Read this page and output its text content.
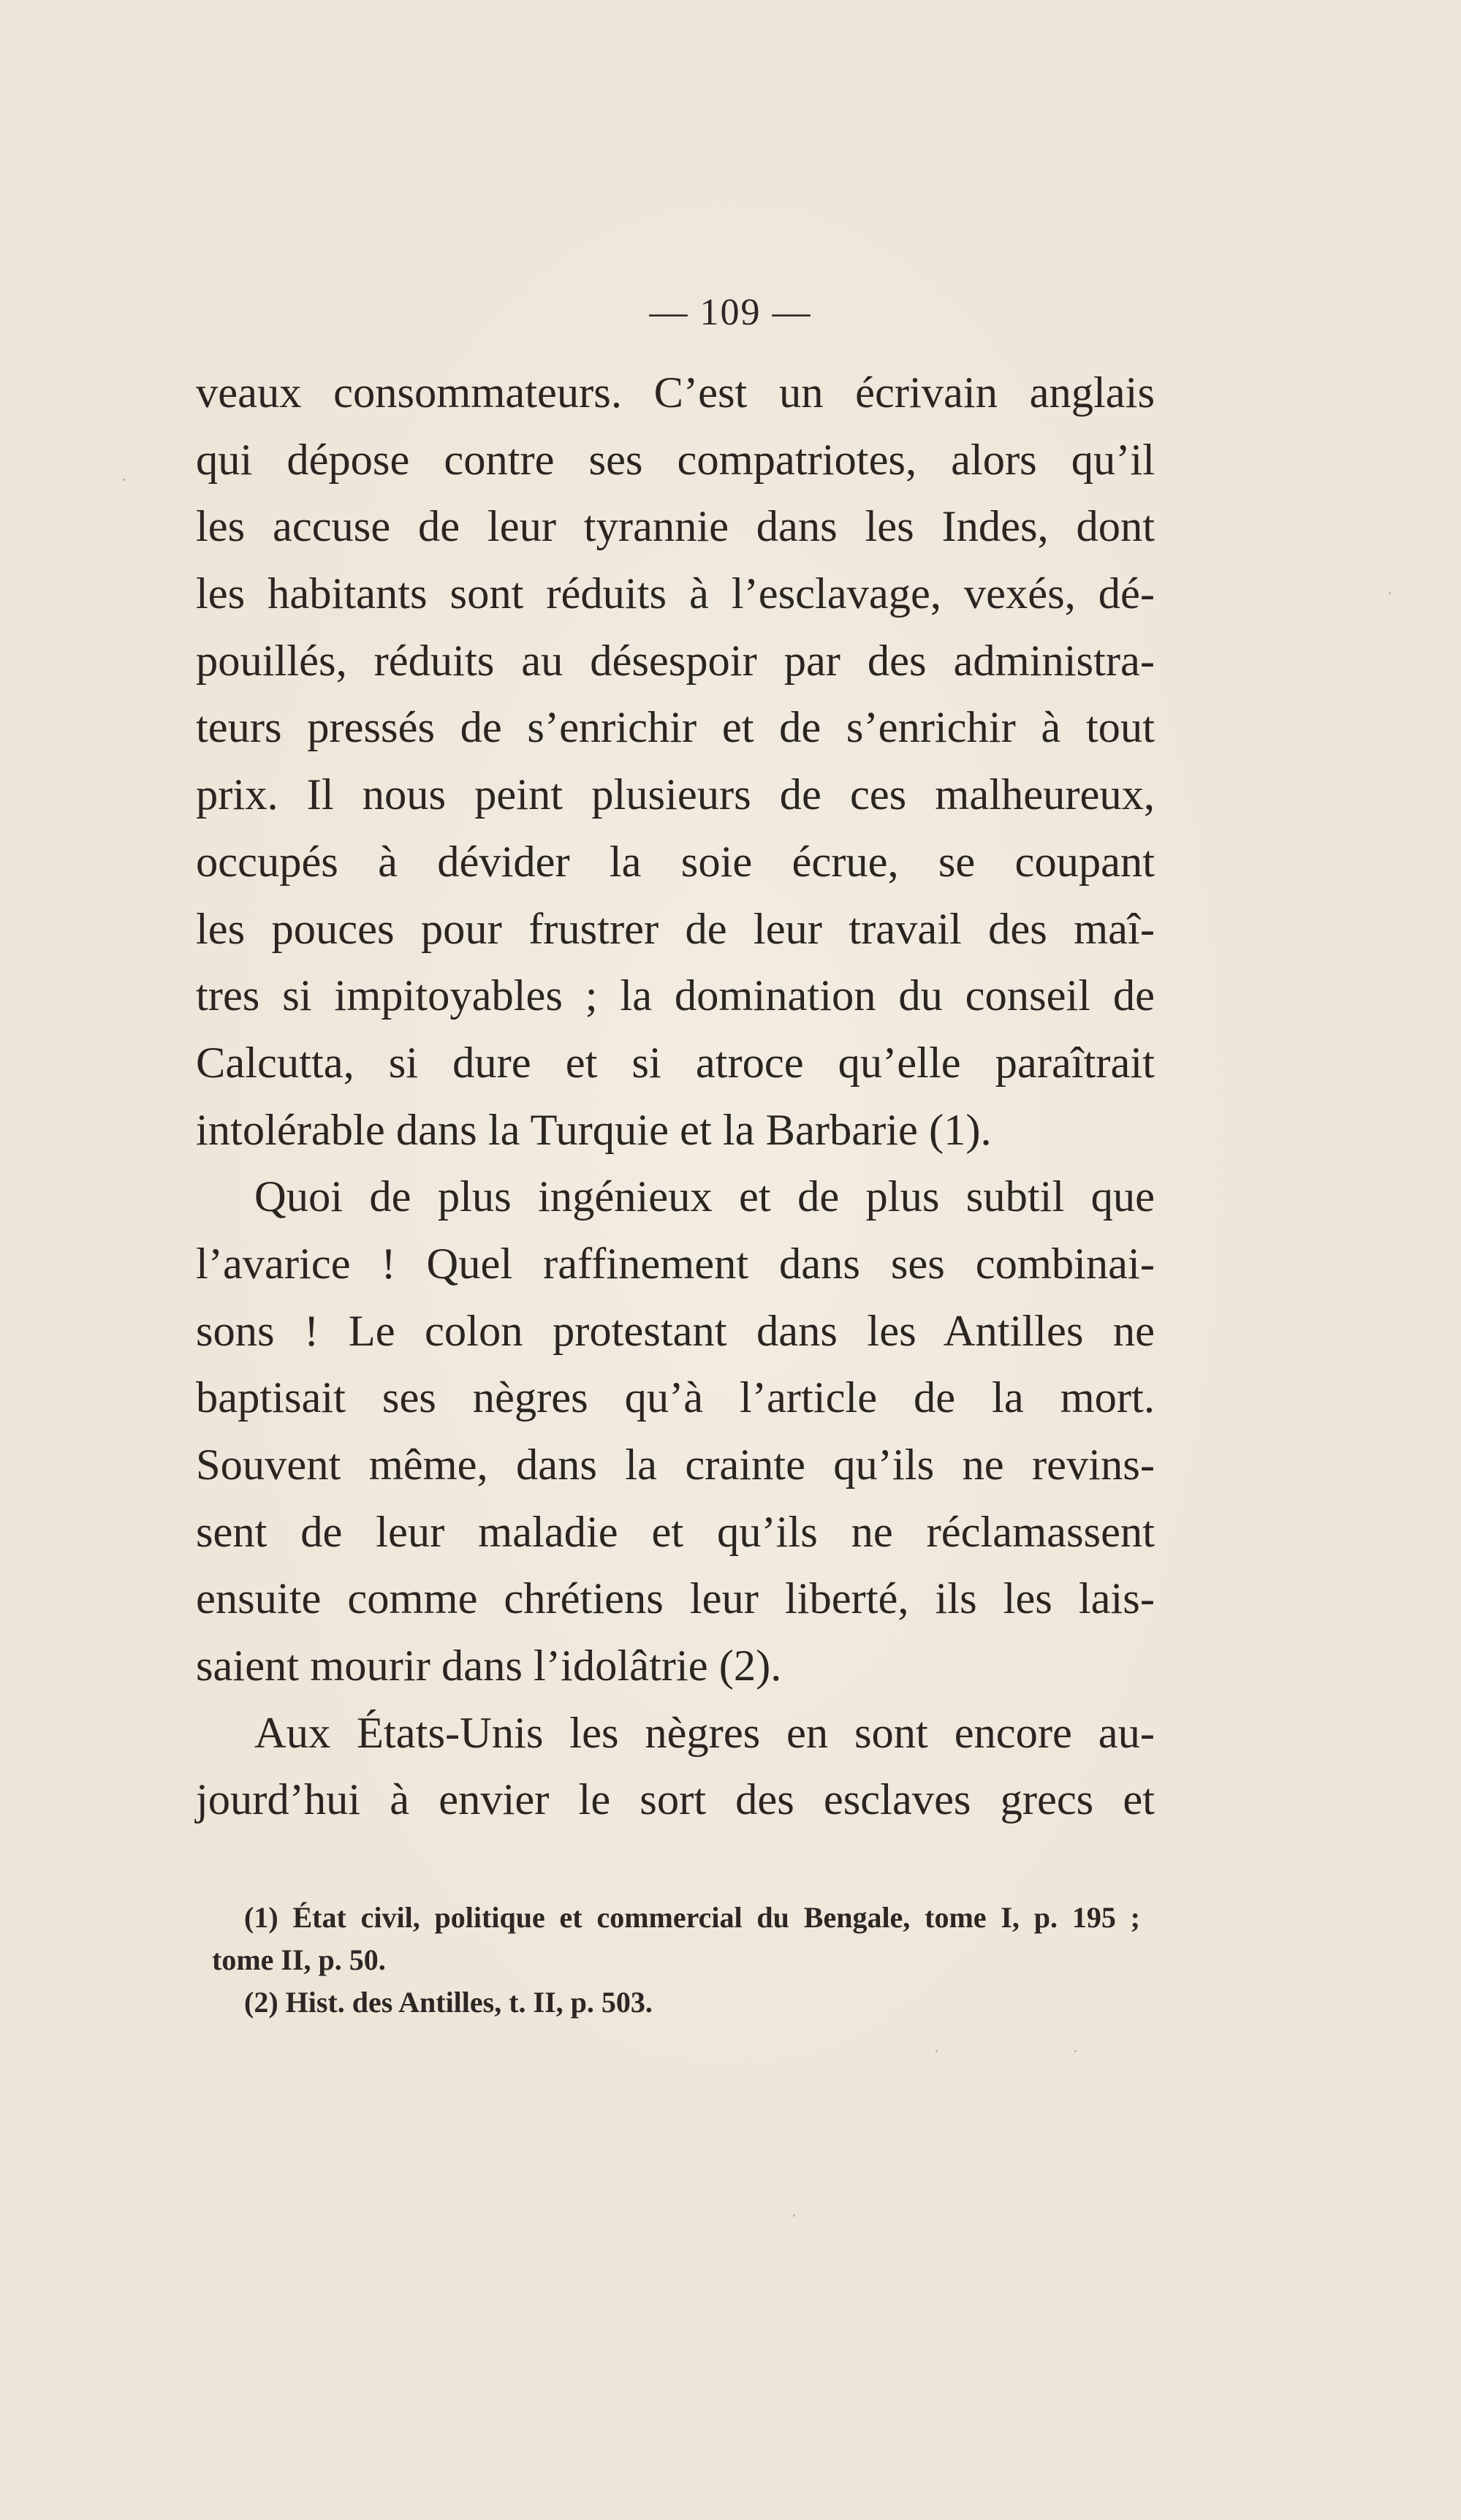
— 109 —
veaux consommateurs. C’est un écrivain anglais
qui dépose contre ses compatriotes, alors qu’il
les accuse de leur tyrannie dans les Indes, dont
les habitants sont réduits à l’esclavage, vexés, dé-
pouillés, réduits au désespoir par des administra-
teurs pressés de s’enrichir et de s’enrichir à tout
prix. Il nous peint plusieurs de ces malheureux,
occupés à dévider la soie écrue, se coupant
les pouces pour frustrer de leur travail des maî-
tres si impitoyables ; la domination du conseil de
Calcutta, si dure et si atroce qu’elle paraîtrait
intolérable dans la Turquie et la Barbarie (1).
Quoi de plus ingénieux et de plus subtil que
l’avarice ! Quel raffinement dans ses combinai-
sons ! Le colon protestant dans les Antilles ne
baptisait ses nègres qu’à l’article de la mort.
Souvent même, dans la crainte qu’ils ne revins-
sent de leur maladie et qu’ils ne réclamassent
ensuite comme chrétiens leur liberté, ils les lais-
saient mourir dans l’idolâtrie (2).
Aux États-Unis les nègres en sont encore au-
jourd’hui à envier le sort des esclaves grecs et
(1) État civil, politique et commercial du Bengale, tome I, p. 195 ;
tome II, p. 50.
(2) Hist. des Antilles, t. II, p. 503.
